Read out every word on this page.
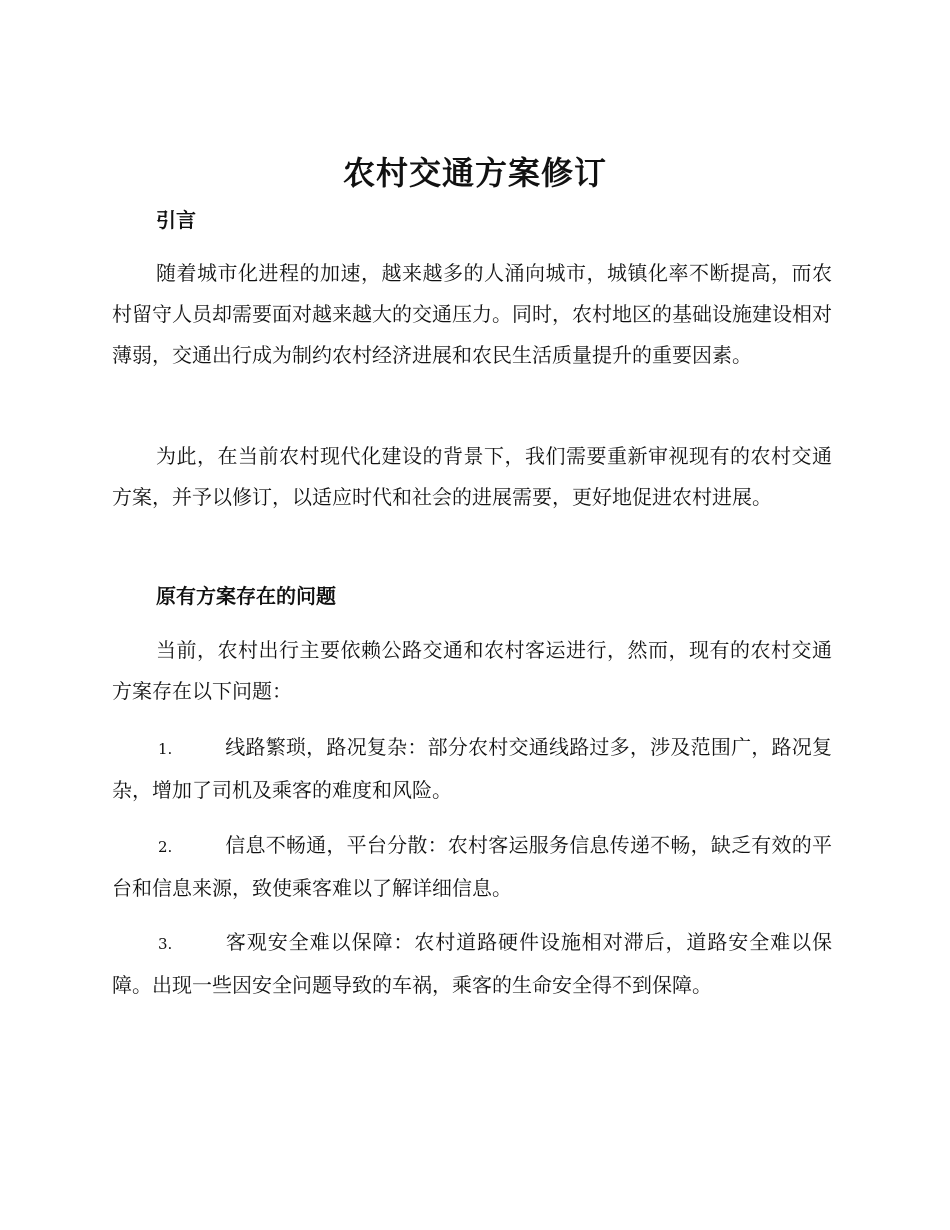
农村交通方案修订
引言

随着城市化进程的加速，越来越多的人涌向城市，城镇化率不断提高，而农村留守人员却需要面对越来越大的交通压力。同时，农村地区的基础设施建设相对薄弱，交通出行成为制约农村经济进展和农民生活质量提升的重要因素。

为此，在当前农村现代化建设的背景下，我们需要重新审视现有的农村交通方案，并予以修订，以适应时代和社会的进展需要，更好地促进农村进展。

原有方案存在的问题

当前，农村出行主要依赖公路交通和农村客运进行，然而，现有的农村交通方案存在以下问题：

1.	线路繁琐，路况复杂：部分农村交通线路过多，涉及范围广，路况复杂，增加了司机及乘客的难度和风险。

2.	信息不畅通，平台分散：农村客运服务信息传递不畅，缺乏有效的平台和信息来源，致使乘客难以了解详细信息。

3.	客观安全难以保障：农村道路硬件设施相对滞后，道路安全难以保障。出现一些因安全问题导致的车祸，乘客的生命安全得不到保障。
